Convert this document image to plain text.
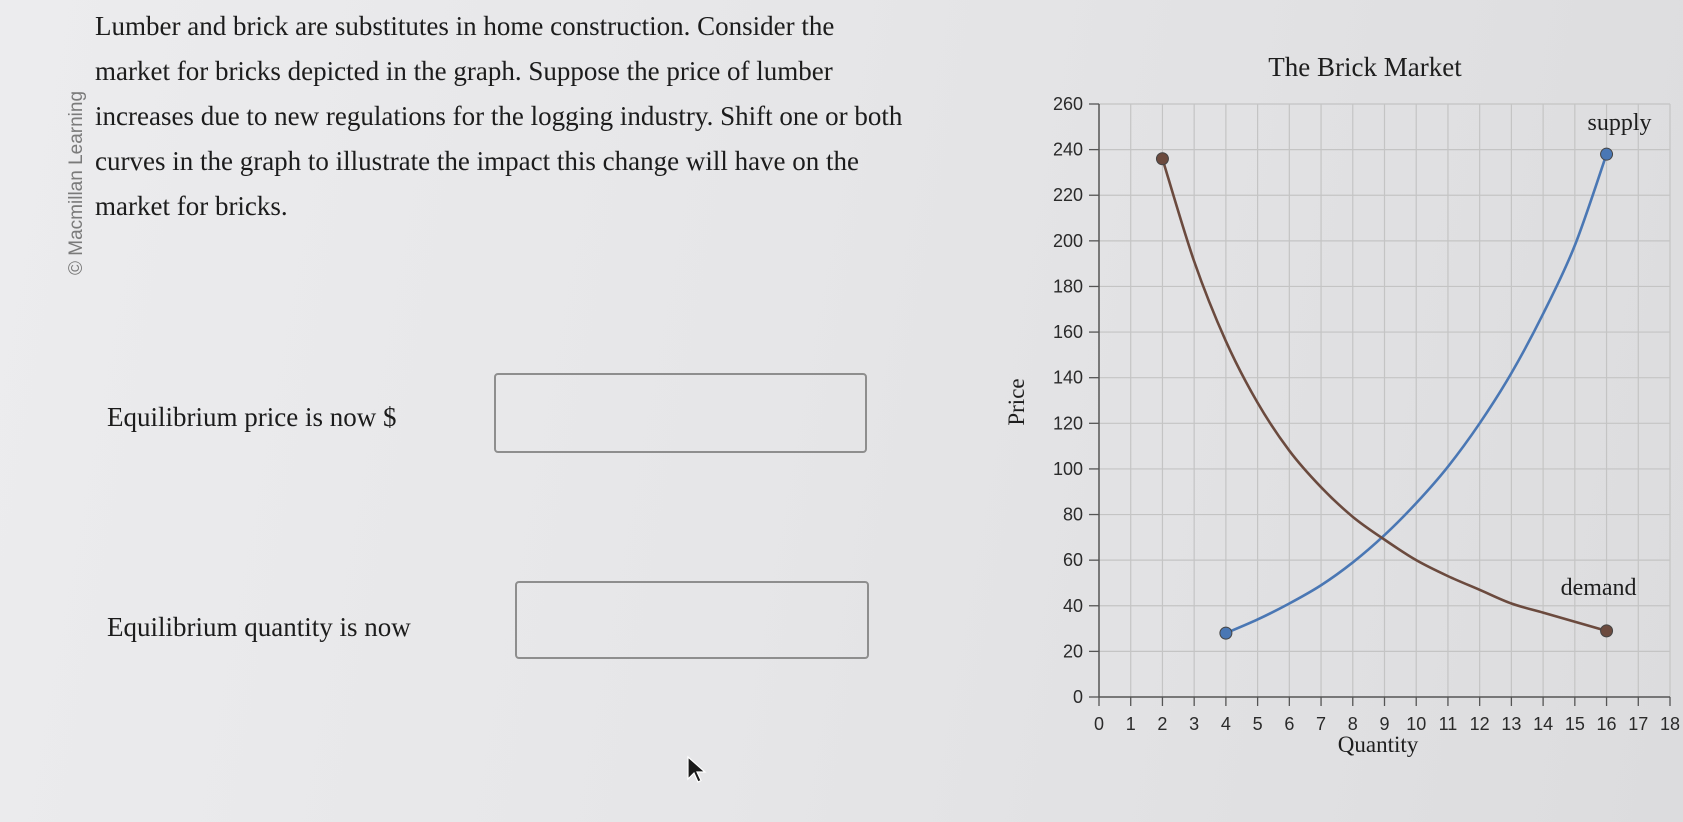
© Macmillan Learning

Lumber and brick are substitutes in home construction. Consider the market for bricks depicted in the graph. Suppose the price of lumber increases due to new regulations for the logging industry. Shift one or both curves in the graph to illustrate the impact this change will have on the market for bricks.

Equilibrium price is now $
Equilibrium quantity is now
0
20
40
60
80
100
120
140
160
180
200
220
240
260
0 1 2 3 4 5 6 7 8 9 10 11 12 13 14 15 16 17 18
supply
demand
The Brick Market
Quantity
Price
